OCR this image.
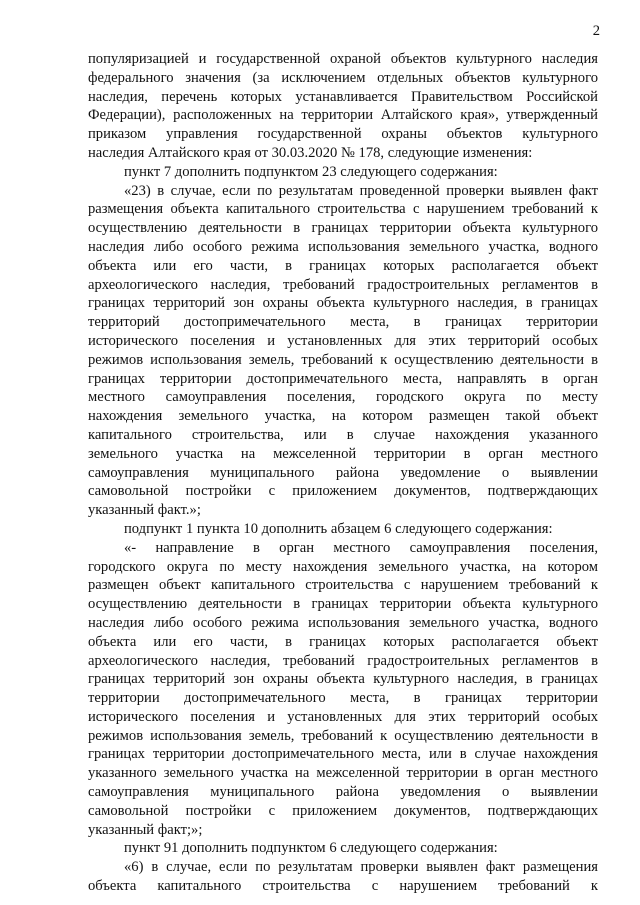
2
популяризацией и государственной охраной объектов культурного наследия
федерального значения (за исключением отдельных объектов культурного
наследия, перечень которых устанавливается Правительством Российской
Федерации), расположенных на территории Алтайского края», утвержденный
приказом управления государственной охраны объектов культурного
наследия Алтайского края от 30.03.2020 № 178, следующие изменения:
пункт 7 дополнить подпунктом 23 следующего содержания:
«23) в случае, если по результатам проведенной проверки выявлен факт
размещения объекта капитального строительства с нарушением требований к
осуществлению деятельности в границах территории объекта культурного
наследия либо особого режима использования земельного участка, водного
объекта или его части, в границах которых располагается объект
археологического наследия, требований градостроительных регламентов в
границах территорий зон охраны объекта культурного наследия, в границах
территорий достопримечательного места, в границах территории
исторического поселения и установленных для этих территорий особых
режимов использования земель, требований к осуществлению деятельности в
границах территории достопримечательного места, направлять в орган
местного самоуправления поселения, городского округа по месту
нахождения земельного участка, на котором размещен такой объект
капитального строительства, или в случае нахождения указанного
земельного участка на межселенной территории в орган местного
самоуправления муниципального района уведомление о выявлении
самовольной постройки с приложением документов, подтверждающих
указанный факт.»;
подпункт 1 пункта 10 дополнить абзацем 6 следующего содержания:
«- направление в орган местного самоуправления поселения,
городского округа по месту нахождения земельного участка, на котором
размещен объект капитального строительства с нарушением требований к
осуществлению деятельности в границах территории объекта культурного
наследия либо особого режима использования земельного участка, водного
объекта или его части, в границах которых располагается объект
археологического наследия, требований градостроительных регламентов в
границах территорий зон охраны объекта культурного наследия, в границах
территории достопримечательного места, в границах территории
исторического поселения и установленных для этих территорий особых
режимов использования земель, требований к осуществлению деятельности в
границах территории достопримечательного места, или в случае нахождения
указанного земельного участка на межселенной территории в орган местного
самоуправления муниципального района уведомления о выявлении
самовольной постройки с приложением документов, подтверждающих
указанный факт;»;
пункт 91 дополнить подпунктом 6 следующего содержания:
«6) в случае, если по результатам проверки выявлен факт размещения
объекта капитального строительства с нарушением требований к
